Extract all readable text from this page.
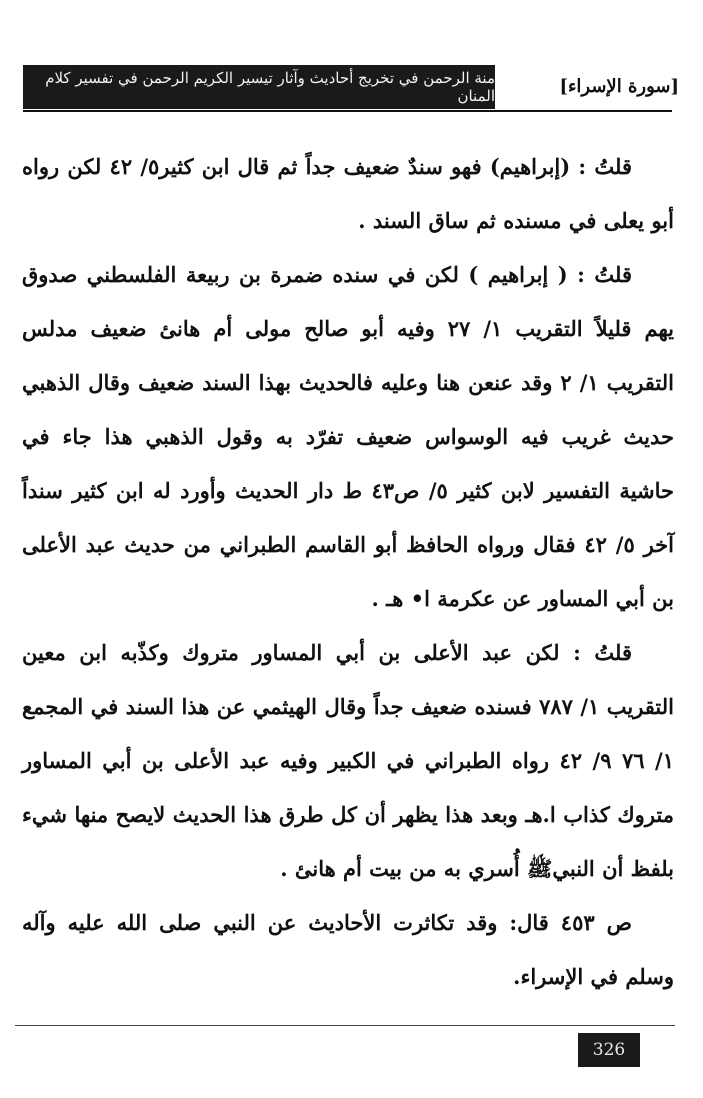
منة الرحمن في تخريج أحاديث وآثار تيسير الكريم الرحمن في تفسير كلام المنان	[سورة الإسراء]

قلتُ : (إبراهيم) فهو سندٌ ضعيف جداً ثم قال ابن كثير٥/ ٤٢ لكن رواه أبو يعلى في مسنده ثم ساق السند .

قلتُ : ( إبراهيم ) لكن في سنده ضمرة بن ربيعة الفلسطني صدوق يهم قليلاً التقريب ١/ ٢٧ وفيه أبو صالح مولى أم هانئ ضعيف مدلس التقريب ١/ ٢ وقد عنعن هنا وعليه فالحديث بهذا السند ضعيف وقال الذهبي حديث غريب فيه الوسواس ضعيف تفرّد به وقول الذهبي هذا جاء في حاشية التفسير لابن كثير ٥/ ص٤٣ ط دار الحديث وأورد له ابن كثير سنداً آخر ٥/ ٤٢ فقال ورواه الحافظ أبو القاسم الطبراني من حديث عبد الأعلى بن أبي المساور عن عكرمة ا• هـ .

قلتُ : لكن عبد الأعلى بن أبي المساور متروك وكذّبه ابن معين التقريب ١/ ٧٨٧ فسنده ضعيف جداً وقال الهيثمي عن هذا السند في المجمع ١/ ٧٦ ٩/ ٤٢ رواه الطبراني في الكبير وفيه عبد الأعلى بن أبي المساور متروك كذاب ا.هـ وبعد هذا يظهر أن كل طرق هذا الحديث لايصح منها شيء بلفظ أن النبيﷺ أُسري به من بيت أم هانئ .

ص ٤٥٣ قال: وقد تكاثرت الأحاديث عن النبي صلى الله عليه وآله وسلم في الإسراء.

326
